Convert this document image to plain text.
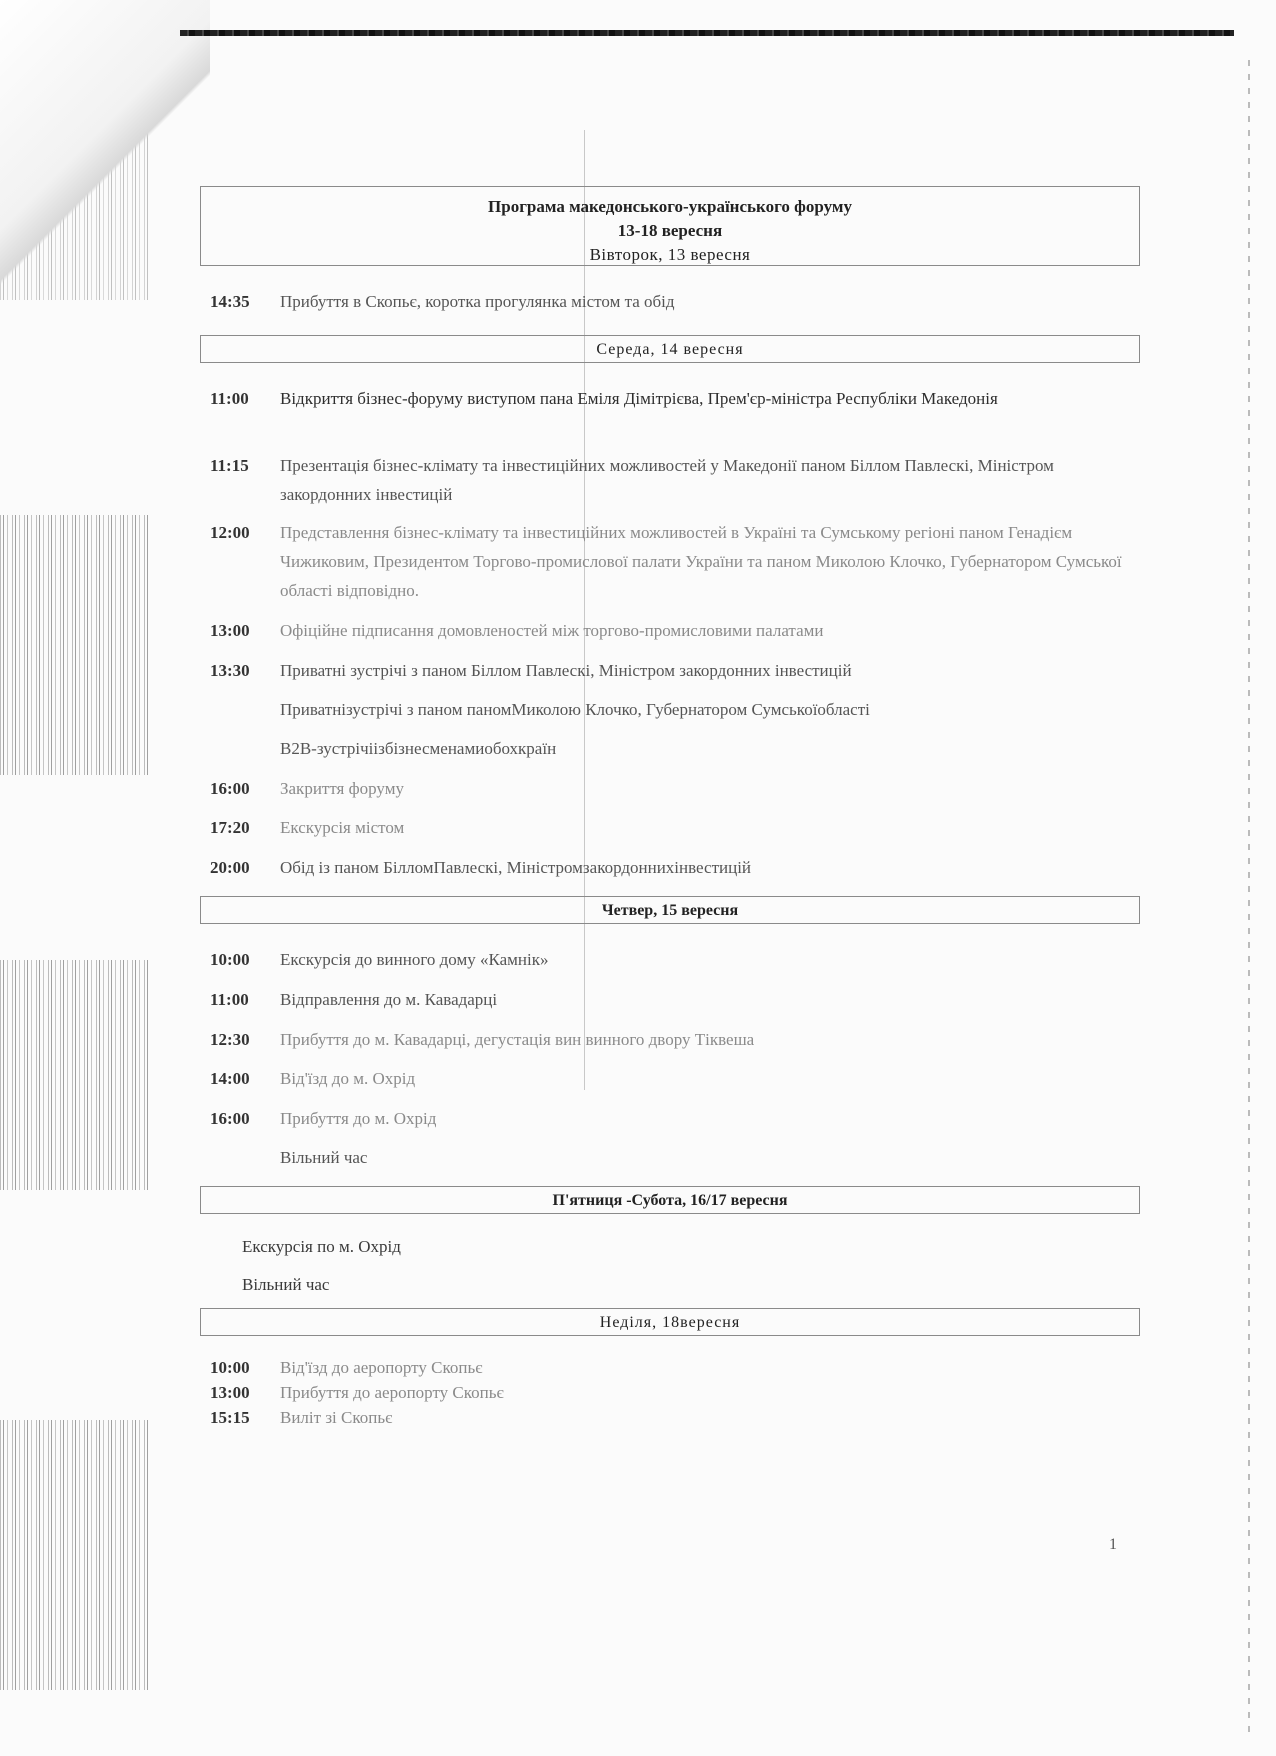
Програма македонського-українського форуму
13-18 вересня
Вівторок, 13 вересня
14:35	Прибуття в Скопьє, коротка прогулянка містом та обід
Середа, 14 вересня
11:00	Відкриття бізнес-форуму виступом пана Еміля Дімітрієва, Прем'єр-міністра Республіки Македонія
11:15	Презентація бізнес-клімату та інвестиційних можливостей у Македонії паном Біллом Павлескі, Міністром закордонних інвестицій
12:00	Представлення бізнес-клімату та інвестиційних можливостей в Україні та Сумському регіоні паном Генадієм Чижиковим, Президентом Торгово-промислової палати України та паном Миколою Клочко, Губернатором Сумської області відповідно.
13:00	Офіційне підписання домовленостей між торгово-промисловими палатами
13:30	Приватні зустрічі з паном Біллом Павлескі, Міністром закордонних інвестицій
Приватнізустрічі з паном паномМиколою Клочко, Губернатором Сумськоїобласті
B2B-зустрічіізбізнесменамиобохкраїн
16:00	Закриття форуму
17:20	Екскурсія містом
20:00	Обід із паном БілломПавлескі, Міністромзакордоннихінвестицій
Четвер, 15 вересня
10:00	Екскурсія до винного дому «Камнік»
11:00	Відправлення до м. Кавадарці
12:30	Прибуття до м. Кавадарці, дегустація вин винного двору Тіквеша
14:00	Від'їзд до м. Охрід
16:00	Прибуття до м. Охрід
Вільний час
П'ятниця -Субота, 16/17 вересня
Екскурсія по м. Охрід
Вільний час
Неділя, 18вересня
10:00	Від'їзд до аеропорту Скопьє
13:00	Прибуття до аеропорту Скопьє
15:15	Виліт зі Скопьє
1
